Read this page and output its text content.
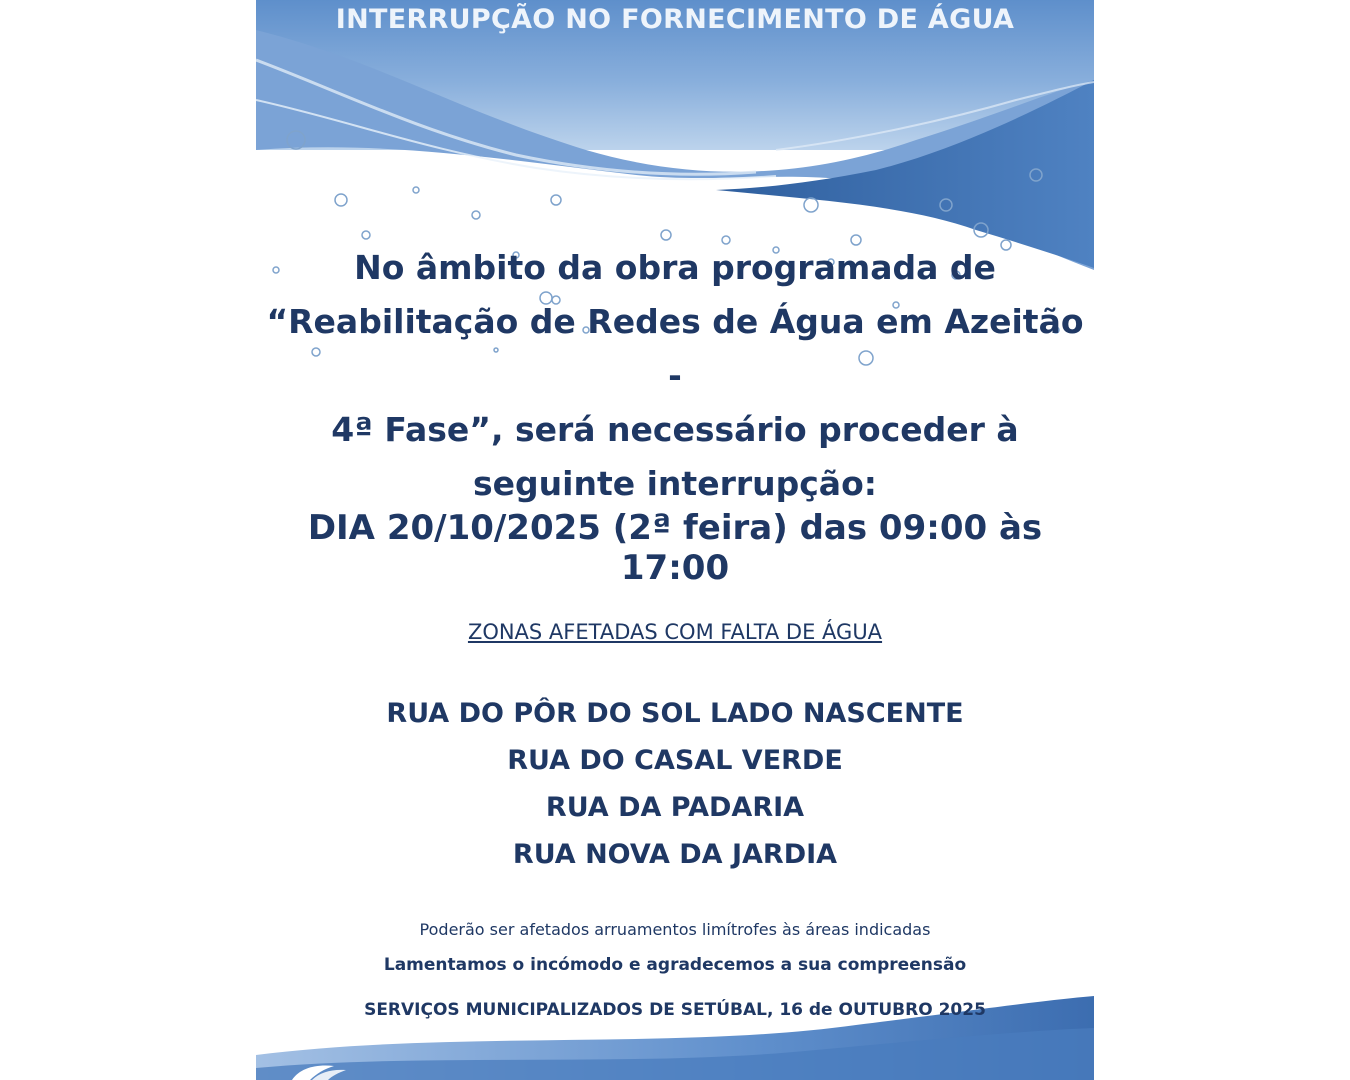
INTERRUPÇÃO NO FORNECIMENTO DE ÁGUA
No âmbito da obra programada de
“Reabilitação de Redes de Água em Azeitão -
4ª Fase”, será necessário proceder à
seguinte interrupção:
DIA 20/10/2025 (2ª feira) das 09:00 às 17:00
ZONAS AFETADAS COM FALTA DE ÁGUA
RUA DO PÔR DO SOL LADO NASCENTE
RUA DO CASAL VERDE
RUA DA PADARIA
RUA NOVA DA JARDIA
Poderão ser afetados arruamentos limítrofes às áreas indicadas
Lamentamos o incómodo e agradecemos a sua compreensão
SERVIÇOS MUNICIPALIZADOS DE SETÚBAL, 16 de OUTUBRO 2025
